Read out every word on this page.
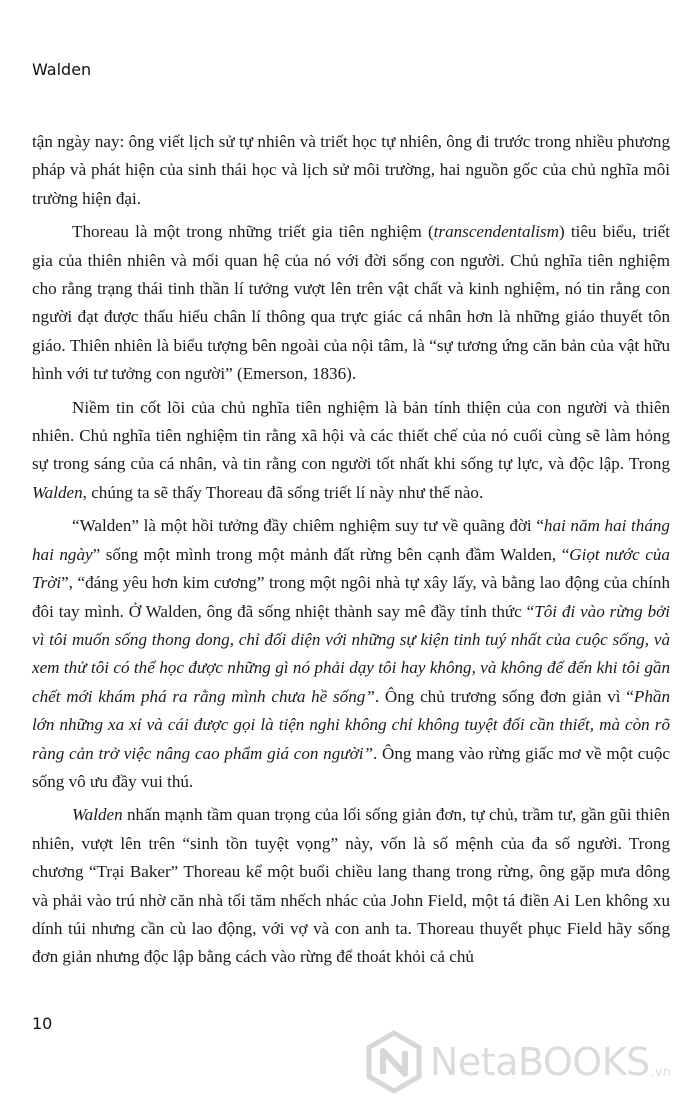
Walden

tận ngày nay: ông viết lịch sử tự nhiên và triết học tự nhiên, ông đi trước trong nhiều phương pháp và phát hiện của sinh thái học và lịch sử môi trường, hai nguồn gốc của chủ nghĩa môi trường hiện đại.

Thoreau là một trong những triết gia tiên nghiệm (transcendentalism) tiêu biểu, triết gia của thiên nhiên và mối quan hệ của nó với đời sống con người. Chủ nghĩa tiên nghiệm cho rằng trạng thái tinh thần lí tưởng vượt lên trên vật chất và kinh nghiệm, nó tin rằng con người đạt được thấu hiểu chân lí thông qua trực giác cá nhân hơn là những giáo thuyết tôn giáo. Thiên nhiên là biểu tượng bên ngoài của nội tâm, là “sự tương ứng căn bản của vật hữu hình với tư tưởng con người” (Emerson, 1836).

Niềm tin cốt lõi của chủ nghĩa tiên nghiệm là bản tính thiện của con người và thiên nhiên. Chủ nghĩa tiên nghiệm tin rằng xã hội và các thiết chế của nó cuối cùng sẽ làm hỏng sự trong sáng của cá nhân, và tin rằng con người tốt nhất khi sống tự lực, và độc lập. Trong Walden, chúng ta sẽ thấy Thoreau đã sống triết lí này như thế nào.

“Walden” là một hồi tưởng đầy chiêm nghiệm suy tư về quãng đời “hai năm hai tháng hai ngày” sống một mình trong một mảnh đất rừng bên cạnh đầm Walden, “Giọt nước của Trời”, “đáng yêu hơn kim cương” trong một ngôi nhà tự xây lấy, và bằng lao động của chính đôi tay mình. Ở Walden, ông đã sống nhiệt thành say mê đầy tỉnh thức “Tôi đi vào rừng bởi vì tôi muốn sống thong dong, chỉ đối diện với những sự kiện tinh tuý nhất của cuộc sống, và xem thử tôi có thể học được những gì nó phải dạy tôi hay không, và không để đến khi tôi gần chết mới khám phá ra rằng mình chưa hề sống”. Ông chủ trương sống đơn giản vì “Phần lớn những xa xỉ và cái được gọi là tiện nghi không chỉ không tuyệt đối cần thiết, mà còn rõ ràng cản trở việc nâng cao phẩm giá con người”. Ông mang vào rừng giấc mơ về một cuộc sống vô ưu đầy vui thú.

Walden nhấn mạnh tầm quan trọng của lối sống giản đơn, tự chủ, trầm tư, gần gũi thiên nhiên, vượt lên trên “sinh tồn tuyệt vọng” này, vốn là số mệnh của đa số người. Trong chương “Trại Baker” Thoreau kể một buổi chiều lang thang trong rừng, ông gặp mưa dông và phải vào trú nhờ căn nhà tối tăm nhếch nhác của John Field, một tá điền Ai Len không xu dính túi nhưng cần cù lao động, với vợ và con anh ta. Thoreau thuyết phục Field hãy sống đơn giản nhưng độc lập bằng cách vào rừng để thoát khỏi cả chủ

10
NetaBOOKS .vn
